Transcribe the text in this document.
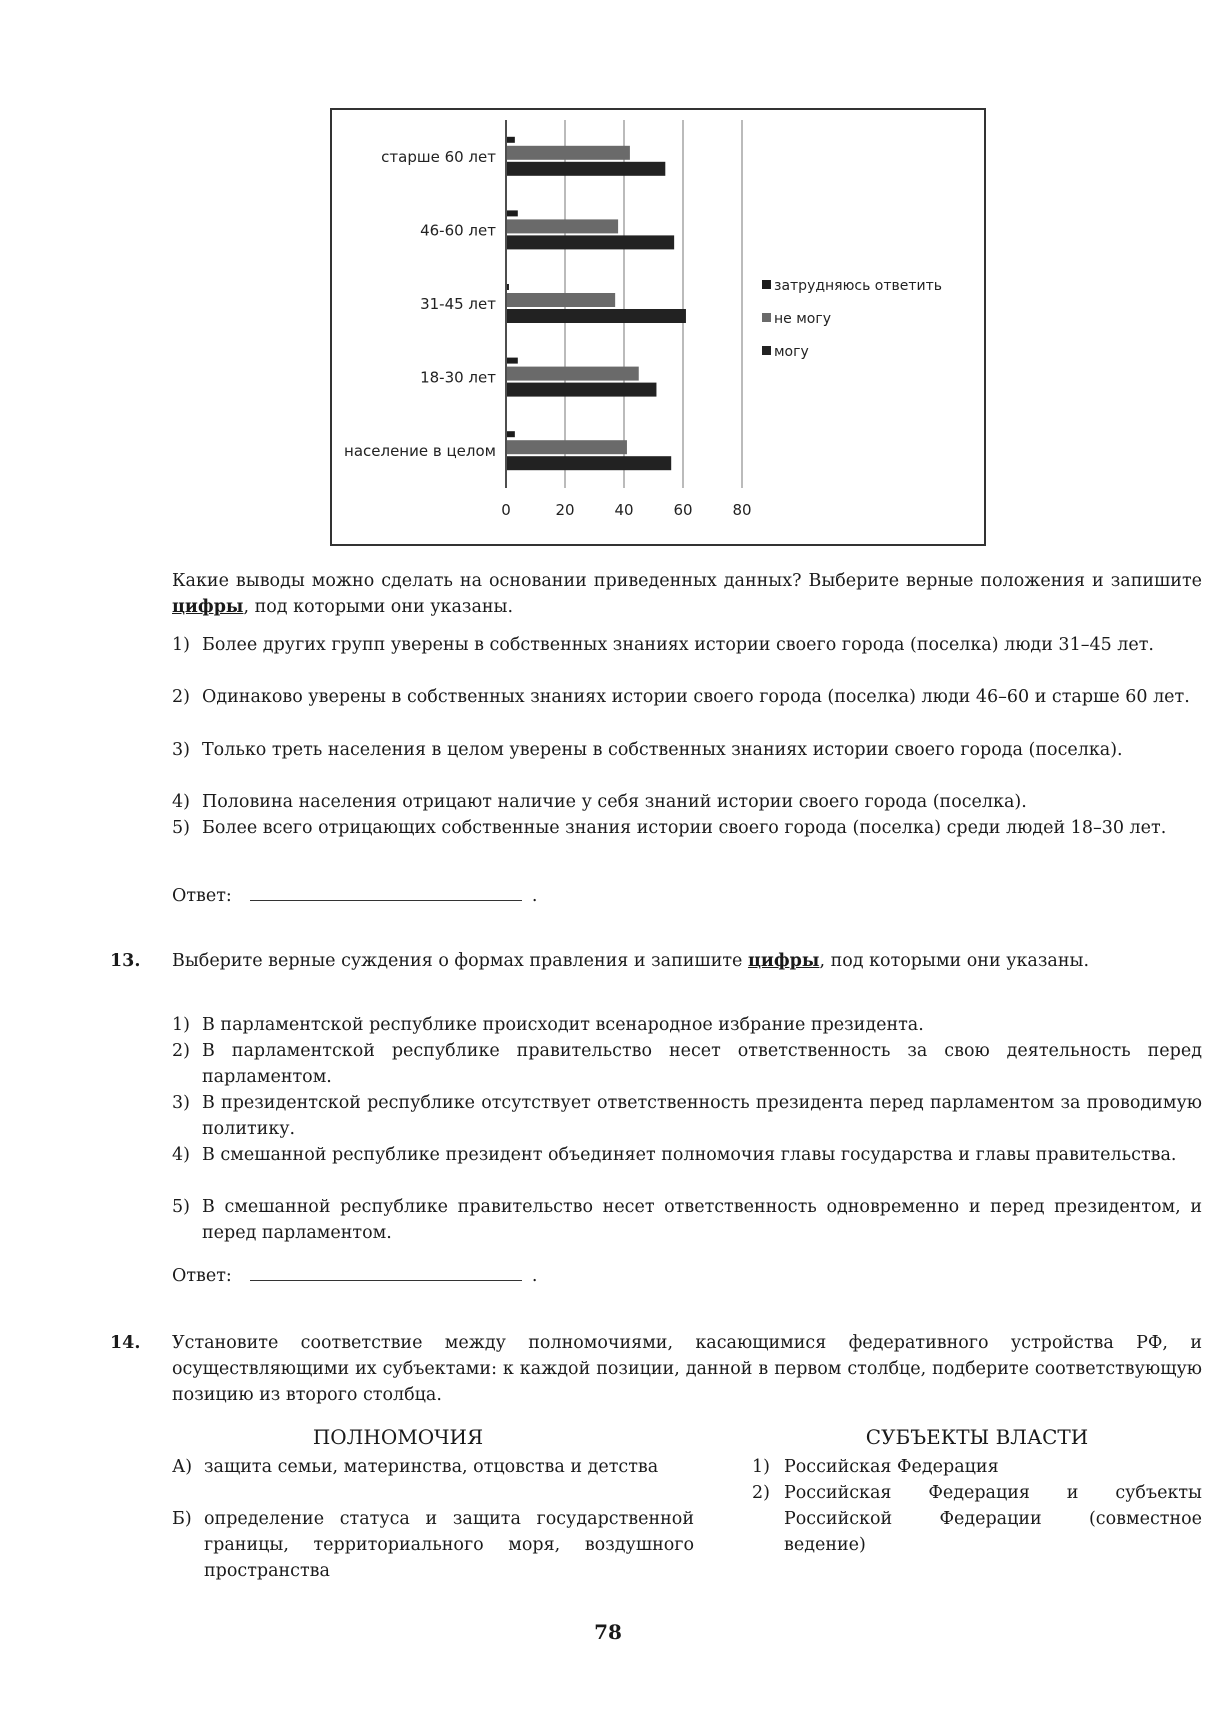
0	20	40	60	80
старше 60 лет
46-60 лет
31-45 лет
18-30 лет
население в целом
затрудняюсь ответить
не могу
могу
Какие выводы можно сделать на основании приведенных данных? Выберите верные положения и запишите цифры, под которыми они указаны.
1) Более других групп уверены в собственных знаниях истории своего города (поселка) люди 31–45 лет.
2) Одинаково уверены в собственных знаниях истории своего города (поселка) люди 46–60 и старше 60 лет.
3) Только треть населения в целом уверены в собственных знаниях истории своего города (поселка).
4) Половина населения отрицают наличие у себя знаний истории своего города (поселка).
5) Более всего отрицающих собственные знания истории своего города (поселка) среди людей 18–30 лет.
Ответ:	.
13. Выберите верные суждения о формах правления и запишите цифры, под которыми они указаны.
1) В парламентской республике происходит всенародное избрание президента.
2) В парламентской республике правительство несет ответственность за свою деятельность перед парламентом.
3) В президентской республике отсутствует ответственность президента перед парламентом за проводимую политику.
4) В смешанной республике президент объединяет полномочия главы государства и главы правительства.
5) В смешанной республике правительство несет ответственность одновременно и перед президентом, и перед парламентом.
Ответ:	.
14. Установите соответствие между полномочиями, касающимися федеративного устройства РФ, и осуществляющими их субъектами: к каждой позиции, данной в первом столбце, подберите соответствующую позицию из второго столбца.
ПОЛНОМОЧИЯ	СУБЪЕКТЫ ВЛАСТИ
А) защита семьи, материнства, отцовства и детства
Б) определение статуса и защита государственной границы, территориального моря, воздушного пространства
1) Российская Федерация
2) Российская Федерация и субъекты Российской Федерации (совместное ведение)
78
